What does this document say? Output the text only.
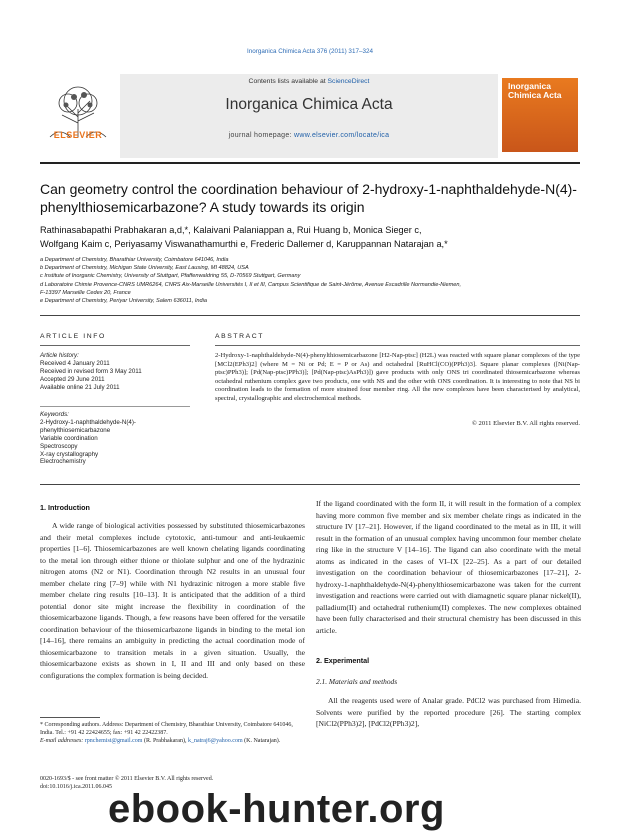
Inorganica Chimica Acta 376 (2011) 317–324
ELSEVIER
Contents lists available at ScienceDirect
Inorganica Chimica Acta
journal homepage: www.elsevier.com/locate/ica
Inorganica Chimica Acta
Can geometry control the coordination behaviour of 2-hydroxy-1-naphthaldehyde-N(4)-phenylthiosemicarbazone? A study towards its origin
Rathinasabapathi Prabhakaran a,d,*, Kalaivani Palaniappan a, Rui Huang b, Monica Sieger c,
Wolfgang Kaim c, Periyasamy Viswanathamurthi e, Frederic Dallemer d, Karuppannan Natarajan a,*
a Department of Chemistry, Bharathiar University, Coimbatore 641046, India
b Department of Chemistry, Michigan State University, East Lausing, MI 48824, USA
c Institute of Inorganic Chemistry, University of Stuttgart, Pfaffenwaldring 55, D-70569 Stuttgart, Germany
d Laboratoire Chimie Provence-CNRS UMR6264, CNRS Aix-Marseille Universités I, II et III, Campus Scientifique de Saint-Jérôme, Avenue Escadrille Normandie-Niemen,
F-13397 Marseille Cedex 20, France
e Department of Chemistry, Periyar University, Salem 636011, India
ARTICLE INFO
Article history:
Received 4 January 2011
Received in revised form 3 May 2011
Accepted 29 June 2011
Available online 21 July 2011
Keywords:
2-Hydroxy-1-naphthaldehyde-N(4)-
phenylthiosemicarbazone
Variable coordination
Spectroscopy
X-ray crystallography
Electrochemistry
ABSTRACT
2-Hydroxy-1-naphthaldehyde-N(4)-phenylthiosemicarbazone [H2-Nap-ptsc] (H2L) was reacted with square planar complexes of the type [MCl2(EPh3)2] (where M = Ni or Pd; E = P or As) and octahedral [RuHCl(CO)(PPh3)3]. Square planar complexes ([Ni(Nap-ptsc)PPh3)]; [Pd(Nap-ptsc)PPh3)]; [Pd(Nap-ptsc)AsPh3)]) gave products with only ONS tri coordinated thiosemicarbazone whereas octahedral ruthenium complex gave two products, one with NS and the other with ONS coordination. It is interesting to note that NS bi coordination leads to the formation of more strained four member ring. All the new complexes have been characterised by analytical, spectral, crystallographic and electrochemical methods.
© 2011 Elsevier B.V. All rights reserved.
1. Introduction
A wide range of biological activities possessed by substituted thiosemicarbazones and their metal complexes include cytotoxic, anti-tumour and anti-leukaemic properties [1–6]. Thiosemicarbazones are well known chelating ligands coordinating to the metal ion through either thione or thiolate sulphur and one of the hydrazinic nitrogen atoms (N2 or N1). Coordination through N2 results in an unusual four member chelate ring [7–9] while with N1 hydrazinic nitrogen a more stable five member chelate ring results [10–13]. It is anticipated that the addition of a third potential donor site might increase the flexibility in coordination of the thiosemicarbazone ligands. Though, a few reasons have been offered for the versatile coordination behaviour of the thiosemicarbazone ligands in binding to the metal ion [14–16], there remains an ambiguity in predicting the actual coordination mode of thiosemicarbazone to transition metals in a given situation. Usually, the thiosemicarbazone exists as shown in I, II and III and only based on these configurations the complex formation is being decided.
If the ligand coordinated with the form II, it will result in the formation of a complex having more common five member and six member chelate rings as indicated in the structure IV [17–21]. However, if the ligand coordinated to the metal as in III, it will result in the formation of an unusual complex having uncommon four member chelate ring like in the structure V [14–16]. The ligand can also coordinate with the metal atoms as indicated in the cases of VI–IX [22–25]. As a part of our detailed investigation on the coordination behaviour of thiosemicarbazones [17–21], 2-hydroxy-1-naphthaldehyde-N(4)-phenylthiosemicarbazone was taken for the current investigation and reactions were carried out with diamagnetic square planar nickel(II), palladium(II) and octahedral ruthenium(II) complexes. The new complexes obtained have been fully characterised and their structural chemistry has been discussed in this article.
2. Experimental
2.1. Materials and methods
All the reagents used were of Analar grade. PdCl2 was purchased from Himedia. Solvents were purified by the reported procedure [26]. The starting complex [NiCl2(PPh3)2], [PdCl2(PPh3)2],
* Corresponding authors. Address: Department of Chemistry, Bharathiar University, Coimbatore 641046, India. Tel.: +91 42 22424655; fax: +91 42 22422387.
E-mail addresses: rpnchemist@gmail.com (R. Prabhakaran), k_natraj6@yahoo.com (K. Natarajan).
0020-1693/$ - see front matter © 2011 Elsevier B.V. All rights reserved.
doi:10.1016/j.ica.2011.06.045
ebook-hunter.org
